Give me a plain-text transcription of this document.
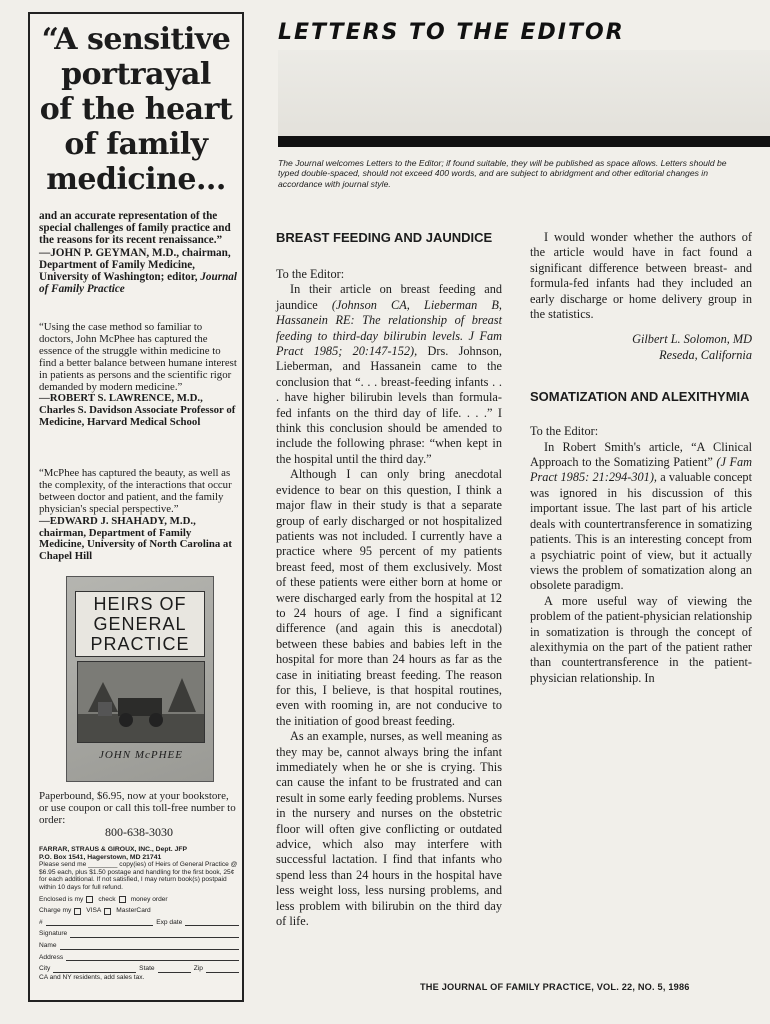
“A sensitive
portrayal
of the heart
of family
medicine...
and an accurate representation of the special challenges of family practice and the reasons for its recent renaissance.”
—JOHN P. GEYMAN, M.D., chairman, Department of Family Medicine, University of Washington; editor, Journal of Family Practice
“Using the case method so familiar to doctors, John McPhee has captured the essence of the struggle within medicine to find a better balance between humane interest in patients as persons and the scientific rigor demanded by modern medicine.”
—ROBERT S. LAWRENCE, M.D., Charles S. Davidson Associate Professor of Medicine, Harvard Medical School
“McPhee has captured the beauty, as well as the complexity, of the interactions that occur between doctor and patient, and the family physician's special perspective.”
—EDWARD J. SHAHADY, M.D., chairman, Department of Family Medicine, University of North Carolina at Chapel Hill
HEIRS OF
GENERAL
PRACTICE
JOHN McPHEE
Paperbound, $6.95, now at your bookstore, or use coupon or call this toll-free number to order:
800-638-3030
FARRAR, STRAUS & GIROUX, INC., Dept. JFP
P.O. Box 1541, Hagerstown, MD 21741
Please send me ________ copy(ies) of Heirs of General Practice @ $6.95 each, plus $1.50 postage and handling for the first book, 25¢ for each additional. If not satisfied, I may return book(s) postpaid within 10 days for full refund.
Enclosed is my check money order
Charge my VISA MasterCard
#	Exp date
Signature
Name
Address
City	State	Zip
CA and NY residents, add sales tax.
LETTERS TO THE EDITOR
The Journal welcomes Letters to the Editor; if found suitable, they will be published as space allows. Letters should be typed double-spaced, should not exceed 400 words, and are subject to abridgment and other editorial changes in accordance with journal style.
BREAST FEEDING AND JAUNDICE

To the Editor:

In their article on breast feeding and jaundice (Johnson CA, Lieberman B, Hassanein RE: The relationship of breast feeding to third-day bilirubin levels. J Fam Pract 1985; 20:147-152), Drs. Johnson, Lieberman, and Hassanein came to the conclusion that “. . . breast-feeding infants . . . have higher bilirubin levels than formula-fed infants on the third day of life. . . .” I think this conclusion should be amended to include the following phrase: “when kept in the hospital until the third day.”

Although I can only bring anecdotal evidence to bear on this question, I think a major flaw in their study is that a separate group of early discharged or not hospitalized patients was not included. I currently have a practice where 95 percent of my patients breast feed, most of them exclusively. Most of these patients were either born at home or were discharged early from the hospital at 12 to 24 hours of age. I find a significant difference (and again this is anecdotal) between these babies and babies left in the hospital for more than 24 hours as far as the case in initiating breast feeding. The reason for this, I believe, is that hospital routines, even with rooming in, are not conducive to the initiation of good breast feeding.

As an example, nurses, as well meaning as they may be, cannot always bring the infant immediately when he or she is crying. This can cause the infant to be frustrated and can result in some early feeding problems. Nurses in the nursery and nurses on the obstetric floor will often give conflicting or outdated advice, which also may interfere with successful lactation. I find that infants who spend less than 24 hours in the hospital have less weight loss, less nursing problems, and less problem with bilirubin on the third day of life.

I would wonder whether the authors of the article would have in fact found a significant difference between breast- and formula-fed infants had they included an early discharge or home delivery group in the statistics.

Gilbert L. Solomon, MD
Reseda, California
SOMATIZATION AND ALEXITHYMIA

To the Editor:

In Robert Smith's article, “A Clinical Approach to the Somatizing Patient” (J Fam Pract 1985: 21:294-301), a valuable concept was ignored in his discussion of this important issue. The last part of his article deals with countertransference in somatizing patients. This is an interesting concept from a psychiatric point of view, but it actually views the problem of somatization along an obsolete paradigm.

A more useful way of viewing the problem of the patient-physician relationship in somatization is through the concept of alexithymia on the part of the patient rather than countertransference in the patient-physician relationship. In

THE JOURNAL OF FAMILY PRACTICE, VOL. 22, NO. 5, 1986
